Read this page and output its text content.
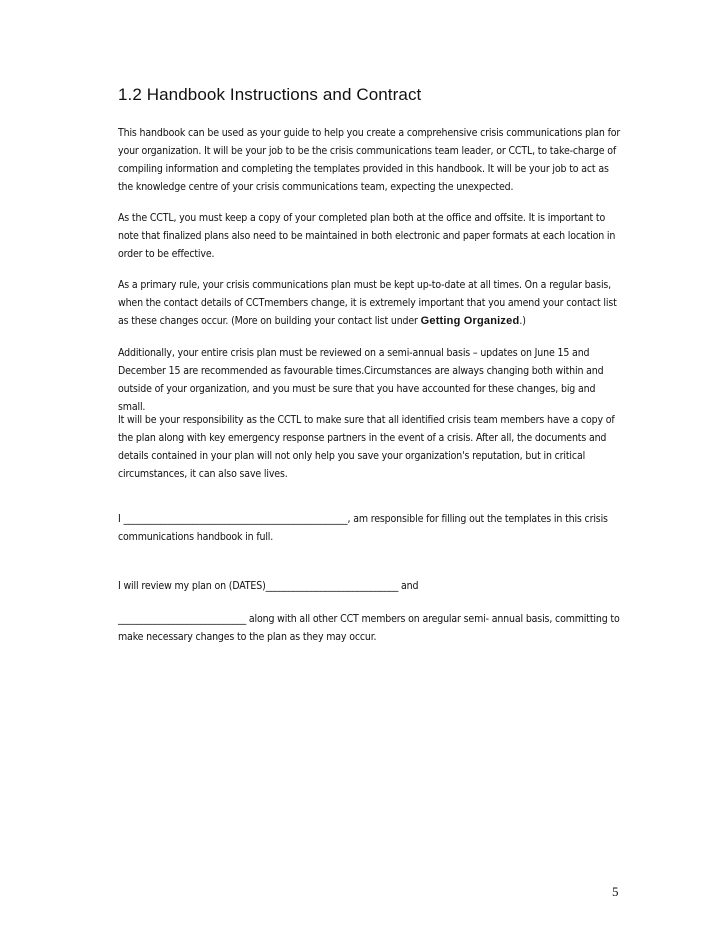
1.2 Handbook Instructions and Contract

This handbook can be used as your guide to help you create a comprehensive crisis communications plan for your organization. It will be your job to be the crisis communications team leader, or CCTL, to take-charge of compiling information and completing the templates provided in this handbook. It will be your job to act as the knowledge centre of your crisis communications team, expecting the unexpected.

As the CCTL, you must keep a copy of your completed plan both at the office and offsite. It is important to note that finalized plans also need to be maintained in both electronic and paper formats at each location in order to be effective.

As a primary rule, your crisis communications plan must be kept up-to-date at all times. On a regular basis, when the contact details of CCTmembers change, it is extremely important that you amend your contact list as these changes occur. (More on building your contact list under Getting Organized.)

Additionally, your entire crisis plan must be reviewed on a semi-annual basis – updates on June 15 and December 15 are recommended as favourable times.Circumstances are always changing both within and outside of your organization, and you must be sure that you have accounted for these changes, big and small.

It will be your responsibility as the CCTL to make sure that all identified crisis team members have a copy of the plan along with key emergency response partners in the event of a crisis. After all, the documents and details contained in your plan will not only help you save your organization's reputation, but in critical circumstances, it can also save lives.

I _________________________________________________, am responsible for filling out the templates in this crisis communications handbook in full.

I will review my plan on (DATES)_____________________________ and

____________________________ along with all other CCT members on aregular semi- annual basis, committing to make necessary changes to the plan as they may occur.

5
